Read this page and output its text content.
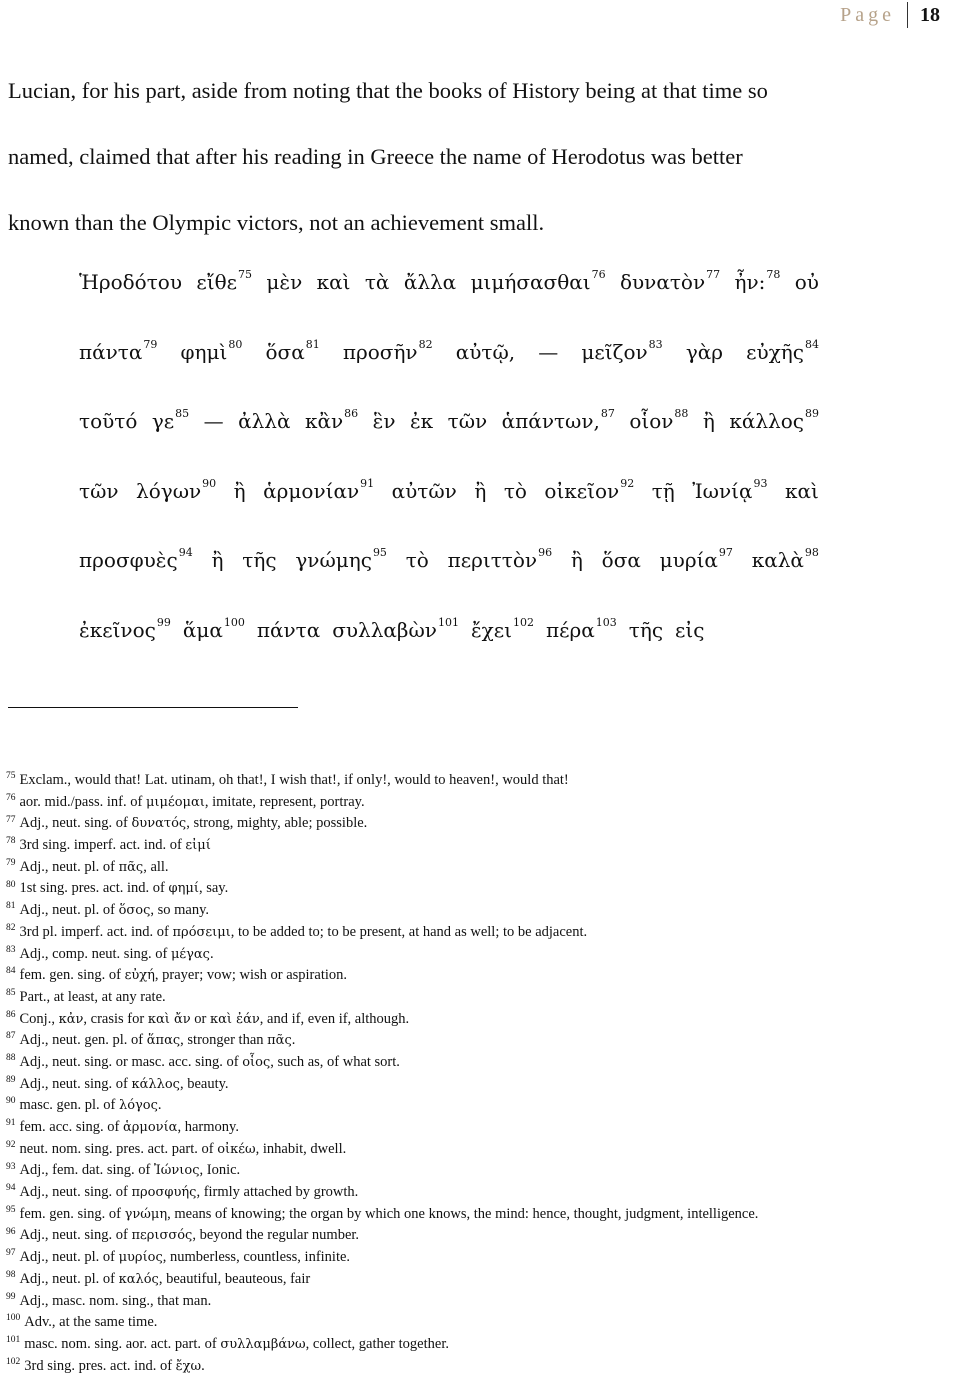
Page	18

Lucian, for his part, aside from noting that the books of History being at that time so

named, claimed that after his reading in Greece the name of Herodotus was better

known than the Olympic victors, not an achievement small.

Ἡροδότου εἴθε$^{75}$ μὲν καὶ τὰ ἄλλα μιμήσασθαι$^{76}$ δυνατὸν$^{77}$ ἦν:$^{78}$ οὐ
πάντα$^{79}$ φημὶ$^{80}$ ὅσα$^{81}$ προσῆν$^{82}$ αὐτῷ, — μεῖζον$^{83}$ γὰρ εὐχῆς$^{84}$
τοῦτό γε$^{85}$ — ἀλλὰ κἂν$^{86}$ ἓν ἐκ τῶν ἁπάντων,$^{87}$ οἷον$^{88}$ ἢ κάλλος$^{89}$
τῶν λόγων$^{90}$ ἢ ἁρμονίαν$^{91}$ αὐτῶν ἢ τὸ οἰκεῖον$^{92}$ τῇ Ἰωνίᾳ$^{93}$ καὶ
προσφυὲς$^{94}$ ἢ τῆς γνώμης$^{95}$ τὸ περιττὸν$^{96}$ ἢ ὅσα μυρία$^{97}$ καλὰ$^{98}$
ἐκεῖνος$^{99}$ ἅμα$^{100}$ πάντα συλλαβὼν$^{101}$ ἔχει$^{102}$ πέρα$^{103}$ τῆς εἰς
$^{75}$ Exclam., would that! Lat. utinam, oh that!, I wish that!, if only!, would to heaven!, would that!
$^{76}$ aor. mid./pass. inf. of μιμέομαι, imitate, represent, portray.
$^{77}$ Adj., neut. sing. of δυνατός, strong, mighty, able; possible.
$^{78}$ 3rd sing. imperf. act. ind. of εἰμί
$^{79}$ Adj., neut. pl. of πᾶς, all.
$^{80}$ 1st sing. pres. act. ind. of φημί, say.
$^{81}$ Adj., neut. pl. of ὅσος, so many.
$^{82}$ 3rd pl. imperf. act. ind. of πρόσειμι, to be added to; to be present, at hand as well; to be adjacent.
$^{83}$ Adj., comp. neut. sing. of μέγας.
$^{84}$ fem. gen. sing. of εὐχή, prayer; vow; wish or aspiration.
$^{85}$ Part., at least, at any rate.
$^{86}$ Conj., κἀν, crasis for καὶ ἄν or καὶ ἐάν, and if, even if, although.
$^{87}$ Adj., neut. gen. pl. of ἅπας, stronger than πᾶς.
$^{88}$ Adj., neut. sing. or masc. acc. sing. of οἷος, such as, of what sort.
$^{89}$ Adj., neut. sing. of κάλλος, beauty.
$^{90}$ masc. gen. pl. of λόγος.
$^{91}$ fem. acc. sing. of ἁρμονία, harmony.
$^{92}$ neut. nom. sing. pres. act. part. of οἰκέω, inhabit, dwell.
$^{93}$ Adj., fem. dat. sing. of Ἰώνιος, Ionic.
$^{94}$ Adj., neut. sing. of προσφυής, firmly attached by growth.
$^{95}$ fem. gen. sing. of γνώμη, means of knowing; the organ by which one knows, the mind: hence, thought, judgment, intelligence.
$^{96}$ Adj., neut. sing. of περισσός, beyond the regular number.
$^{97}$ Adj., neut. pl. of μυρίος, numberless, countless, infinite.
$^{98}$ Adj., neut. pl. of καλός, beautiful, beauteous, fair
$^{99}$ Adj., masc. nom. sing., that man.
$^{100}$ Adv., at the same time.
$^{101}$ masc. nom. sing. aor. act. part. of συλλαμβάνω, collect, gather together.
$^{102}$ 3rd sing. pres. act. ind. of ἔχω.
